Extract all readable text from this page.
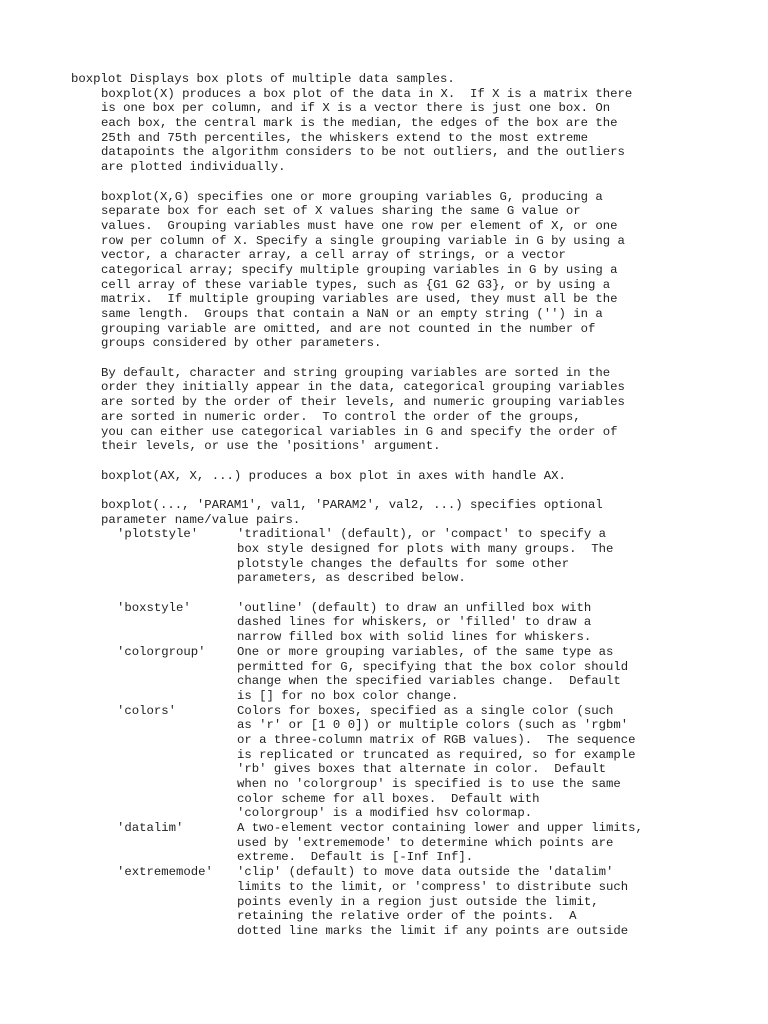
boxplot Displays box plots of multiple data samples.
boxplot(X) produces a box plot of the data in X.  If X is a matrix there
is one box per column, and if X is a vector there is just one box. On
each box, the central mark is the median, the edges of the box are the
25th and 75th percentiles, the whiskers extend to the most extreme
datapoints the algorithm considers to be not outliers, and the outliers
are plotted individually.
boxplot(X,G) specifies one or more grouping variables G, producing a
separate box for each set of X values sharing the same G value or
values.  Grouping variables must have one row per element of X, or one
row per column of X. Specify a single grouping variable in G by using a
vector, a character array, a cell array of strings, or a vector
categorical array; specify multiple grouping variables in G by using a
cell array of these variable types, such as {G1 G2 G3}, or by using a
matrix.  If multiple grouping variables are used, they must all be the
same length.  Groups that contain a NaN or an empty string ('') in a
grouping variable are omitted, and are not counted in the number of
groups considered by other parameters.
By default, character and string grouping variables are sorted in the
order they initially appear in the data, categorical grouping variables
are sorted by the order of their levels, and numeric grouping variables
are sorted in numeric order.  To control the order of the groups,
you can either use categorical variables in G and specify the order of
their levels, or use the 'positions' argument.
boxplot(AX, X, ...) produces a box plot in axes with handle AX.
boxplot(..., 'PARAM1', val1, 'PARAM2', val2, ...) specifies optional
parameter name/value pairs.
'plotstyle'	'traditional' (default), or 'compact' to specify a
box style designed for plots with many groups.  The
plotstyle changes the defaults for some other
parameters, as described below.
'boxstyle'	'outline' (default) to draw an unfilled box with
dashed lines for whiskers, or 'filled' to draw a
narrow filled box with solid lines for whiskers.
'colorgroup'	One or more grouping variables, of the same type as
permitted for G, specifying that the box color should
change when the specified variables change.  Default
is [] for no box color change.
'colors'	Colors for boxes, specified as a single color (such
as 'r' or [1 0 0]) or multiple colors (such as 'rgbm'
or a three-column matrix of RGB values).  The sequence
is replicated or truncated as required, so for example
'rb' gives boxes that alternate in color.  Default
when no 'colorgroup' is specified is to use the same
color scheme for all boxes.  Default with
'colorgroup' is a modified hsv colormap.
'datalim'	A two-element vector containing lower and upper limits,
used by 'extrememode' to determine which points are
extreme.  Default is [-Inf Inf].
'extrememode'	'clip' (default) to move data outside the 'datalim'
limits to the limit, or 'compress' to distribute such
points evenly in a region just outside the limit,
retaining the relative order of the points.  A
dotted line marks the limit if any points are outside
